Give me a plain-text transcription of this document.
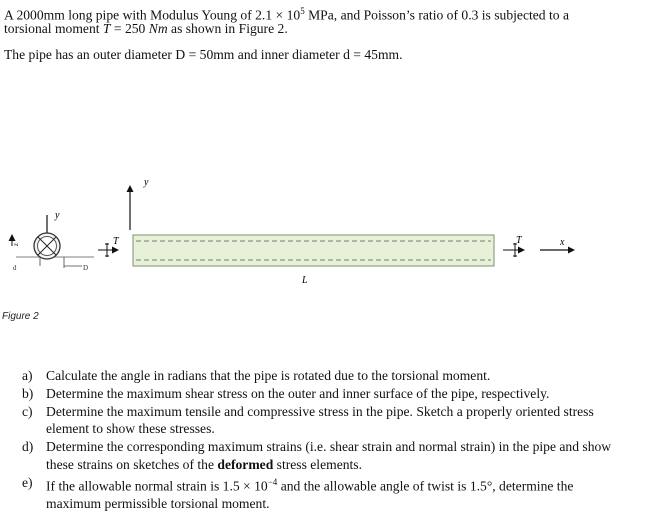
A 2000mm long pipe with Modulus Young of $2.1 \times 10^5$ MPa, and Poisson’s ratio of 0.3 is subjected to a
torsional moment T = 250 Nm as shown in Figure 2.
The pipe has an outer diameter D = 50mm and inner diameter d = 45mm.
y
z
d	D
y
T
L
T	x
Figure 2
a) Calculate the angle in radians that the pipe is rotated due to the torsional moment.
b) Determine the maximum shear stress on the outer and inner surface of the pipe, respectively.
c) Determine the maximum tensile and compressive stress in the pipe. Sketch a properly oriented stress element to show these stresses.
d) Determine the corresponding maximum strains (i.e. shear strain and normal strain) in the pipe and show these strains on sketches of the deformed stress elements.
e) If the allowable normal strain is $1.5 \times 10^{-4}$ and the allowable angle of twist is 1.5°, determine the maximum permissible torsional moment.
